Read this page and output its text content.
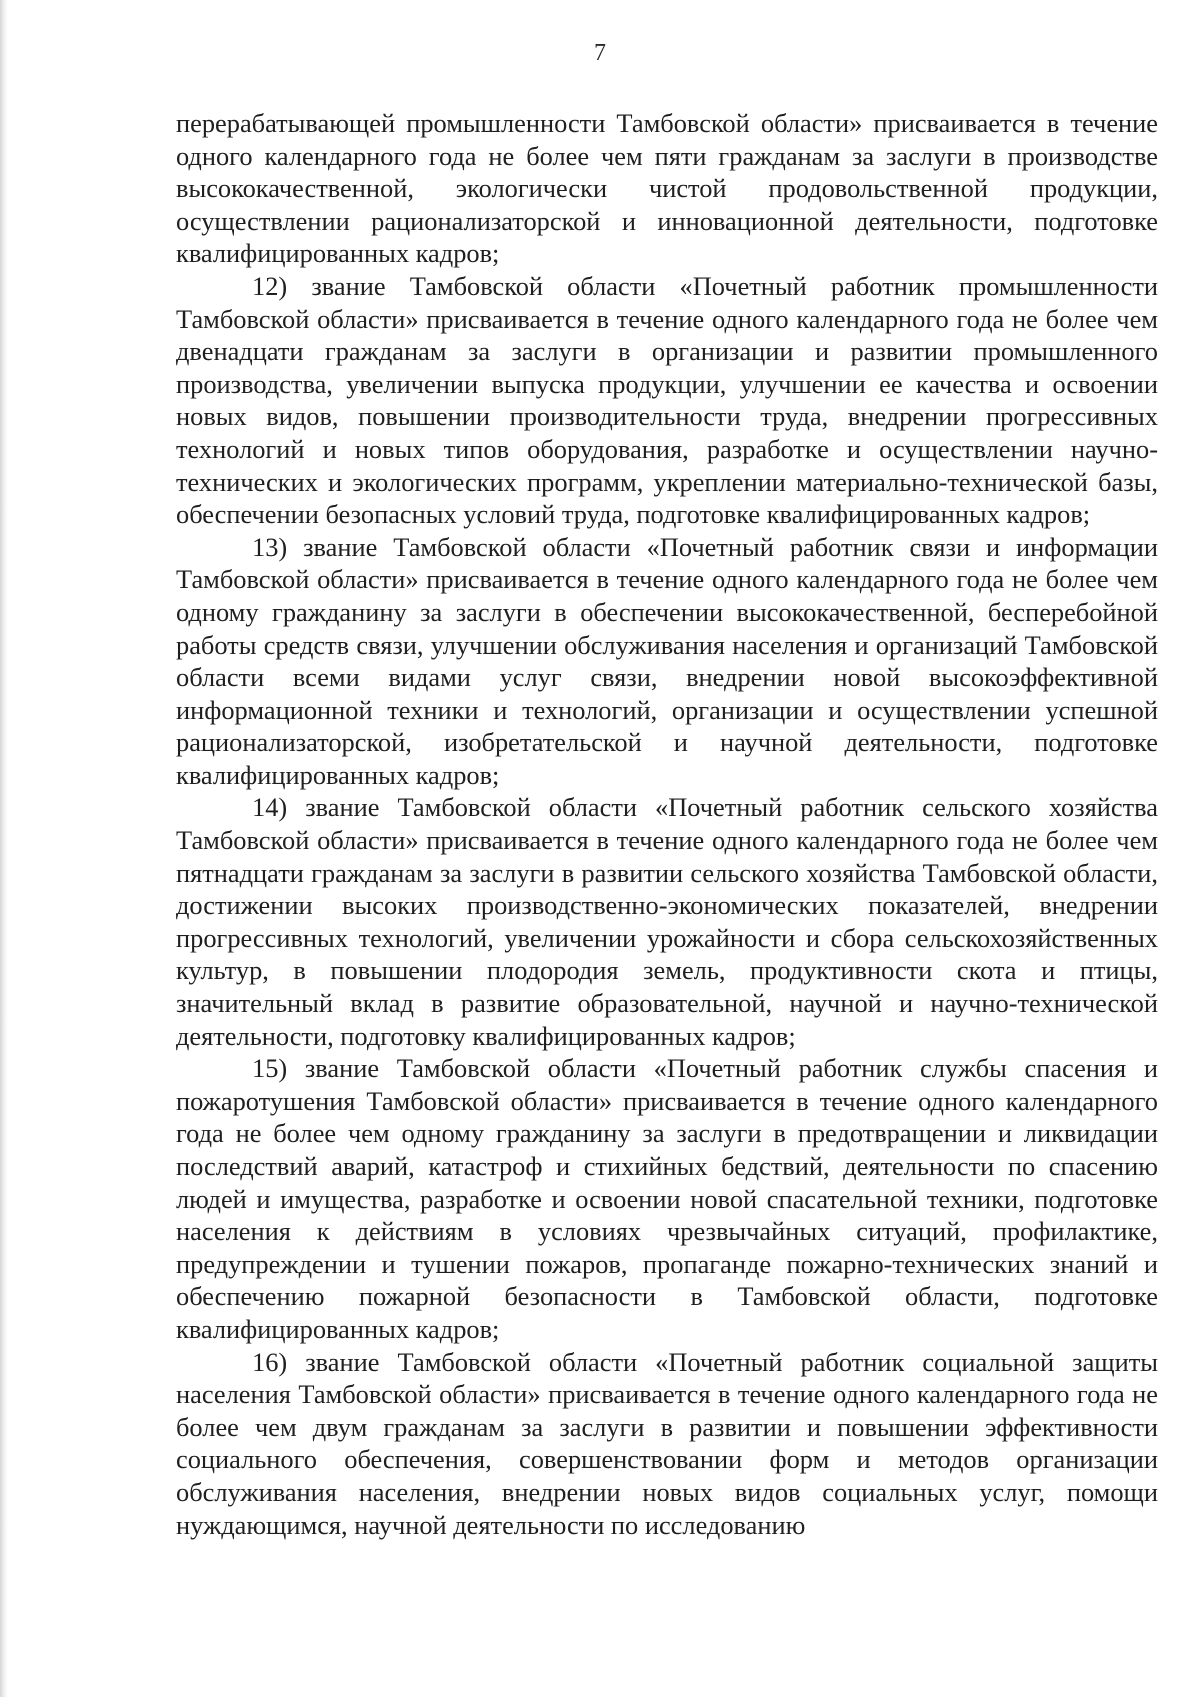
7

перерабатывающей промышленности Тамбовской области» присваивается в течение одного календарного года не более чем пяти гражданам за заслуги в производстве высококачественной, экологически чистой продовольственной продукции, осуществлении рационализаторской и инновационной деятельности, подготовке квалифицированных кадров;

12) звание Тамбовской области «Почетный работник промышленности Тамбовской области» присваивается в течение одного календарного года не более чем двенадцати гражданам за заслуги в организации и развитии промышленного производства, увеличении выпуска продукции, улучшении ее качества и освоении новых видов, повышении производительности труда, внедрении прогрессивных технологий и новых типов оборудования, разработке и осуществлении научно-технических и экологических программ, укреплении материально-технической базы, обеспечении безопасных условий труда, подготовке квалифицированных кадров;

13) звание Тамбовской области «Почетный работник связи и информации Тамбовской области» присваивается в течение одного календарного года не более чем одному гражданину за заслуги в обеспечении высококачественной, бесперебойной работы средств связи, улучшении обслуживания населения и организаций Тамбовской области всеми видами услуг связи, внедрении новой высокоэффективной информационной техники и технологий, организации и осуществлении успешной рационализаторской, изобретательской и научной деятельности, подготовке квалифицированных кадров;

14) звание Тамбовской области «Почетный работник сельского хозяйства Тамбовской области» присваивается в течение одного календарного года не более чем пятнадцати гражданам за заслуги в развитии сельского хозяйства Тамбовской области, достижении высоких производственно-экономических показателей, внедрении прогрессивных технологий, увеличении урожайности и сбора сельскохозяйственных культур, в повышении плодородия земель, продуктивности скота и птицы, значительный вклад в развитие образовательной, научной и научно-технической деятельности, подготовку квалифицированных кадров;

15) звание Тамбовской области «Почетный работник службы спасения и пожаротушения Тамбовской области» присваивается в течение одного календарного года не более чем одному гражданину за заслуги в предотвращении и ликвидации последствий аварий, катастроф и стихийных бедствий, деятельности по спасению людей и имущества, разработке и освоении новой спасательной техники, подготовке населения к действиям в условиях чрезвычайных ситуаций, профилактике, предупреждении и тушении пожаров, пропаганде пожарно-технических знаний и обеспечению пожарной безопасности в Тамбовской области, подготовке квалифицированных кадров;

16) звание Тамбовской области «Почетный работник социальной защиты населения Тамбовской области» присваивается в течение одного календарного года не более чем двум гражданам за заслуги в развитии и повышении эффективности социального обеспечения, совершенствовании форм и методов организации обслуживания населения, внедрении новых видов социальных услуг, помощи нуждающимся, научной деятельности по исследованию
